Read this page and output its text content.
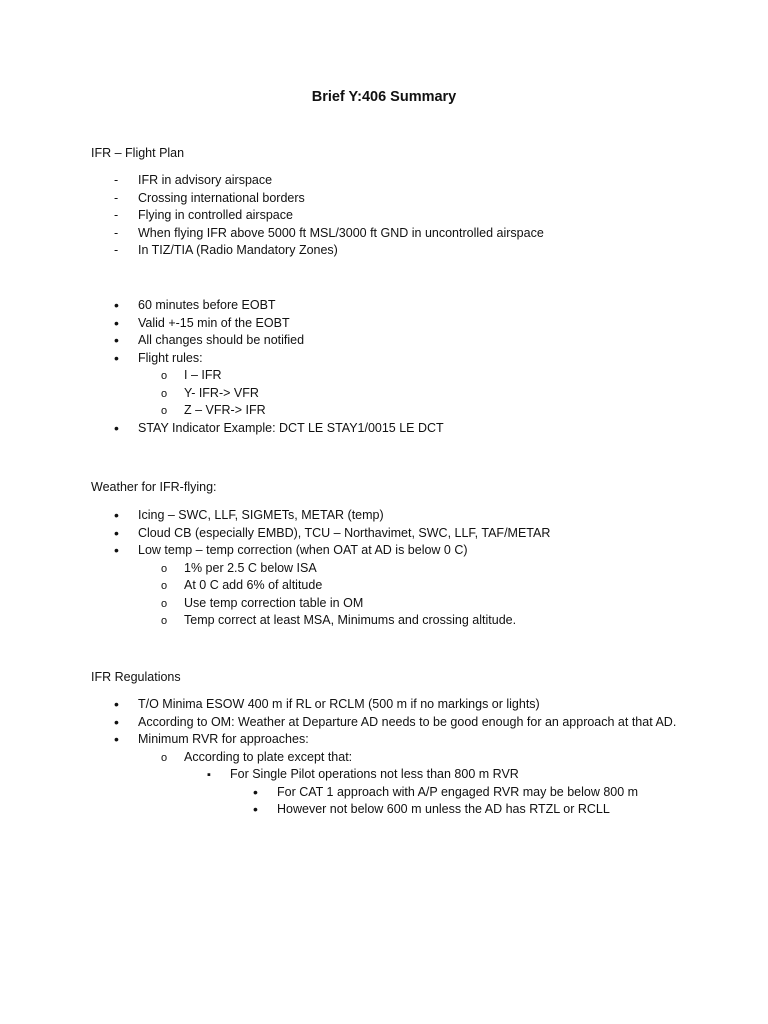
Brief Y:406 Summary
IFR – Flight Plan
-
IFR in advisory airspace
-
Crossing international borders
-
Flying in controlled airspace
-
When flying IFR above 5000 ft MSL/3000 ft GND in uncontrolled airspace
-
In TIZ/TIA (Radio Mandatory Zones)
•
60 minutes before EOBT
•
Valid +-15 min of the EOBT
•
All changes should be notified
•
Flight rules:
o
I – IFR
o
Y- IFR-> VFR
o
Z – VFR-> IFR
•
STAY Indicator Example: DCT LE STAY1/0015 LE DCT
Weather for IFR-flying:
•
Icing – SWC, LLF, SIGMETs, METAR (temp)
•
Cloud CB (especially EMBD), TCU – Northavimet, SWC, LLF, TAF/METAR
•
Low temp – temp correction (when OAT at AD is below 0 C)
o
1% per 2.5 C below ISA
o
At 0 C add 6% of altitude
o
Use temp correction table in OM
o
Temp correct at least MSA, Minimums and crossing altitude.
IFR Regulations
•
T/O Minima ESOW 400 m if RL or RCLM (500 m if no markings or lights)
•
According to OM: Weather at Departure AD needs to be good enough for an approach at that AD.
•
Minimum RVR for approaches:
o
According to plate except that:
▪
For Single Pilot operations not less than 800 m RVR
•
For CAT 1 approach with A/P engaged RVR may be below 800 m
•
However not below 600 m unless the AD has RTZL or RCLL
